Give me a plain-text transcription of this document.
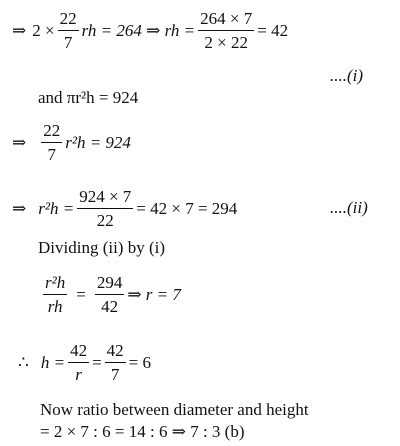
⇒ $2 \times \frac{22}{7}$ rh = 264 ⇒ rh = $\frac{264 \times 7}{2 \times 22} = 42$
....(i)
and πr²h = 924
⇒ $\frac{22}{7} r^2h = 924$
⇒ $r^2h = \frac{924 \times 7}{22} = 42 \times 7 = 294$	....(ii)
Dividing (ii) by (i)
$\frac{\text{r²h}}{rh} = \frac{294}{42}$ ⇒ r = 7
∴ $h = \frac{42}{r} = \frac{42}{7} = 6$
Now ratio between diameter and height
= 2 × 7 : 6 = 14 : 6 ⇒ 7 : 3 (b)
